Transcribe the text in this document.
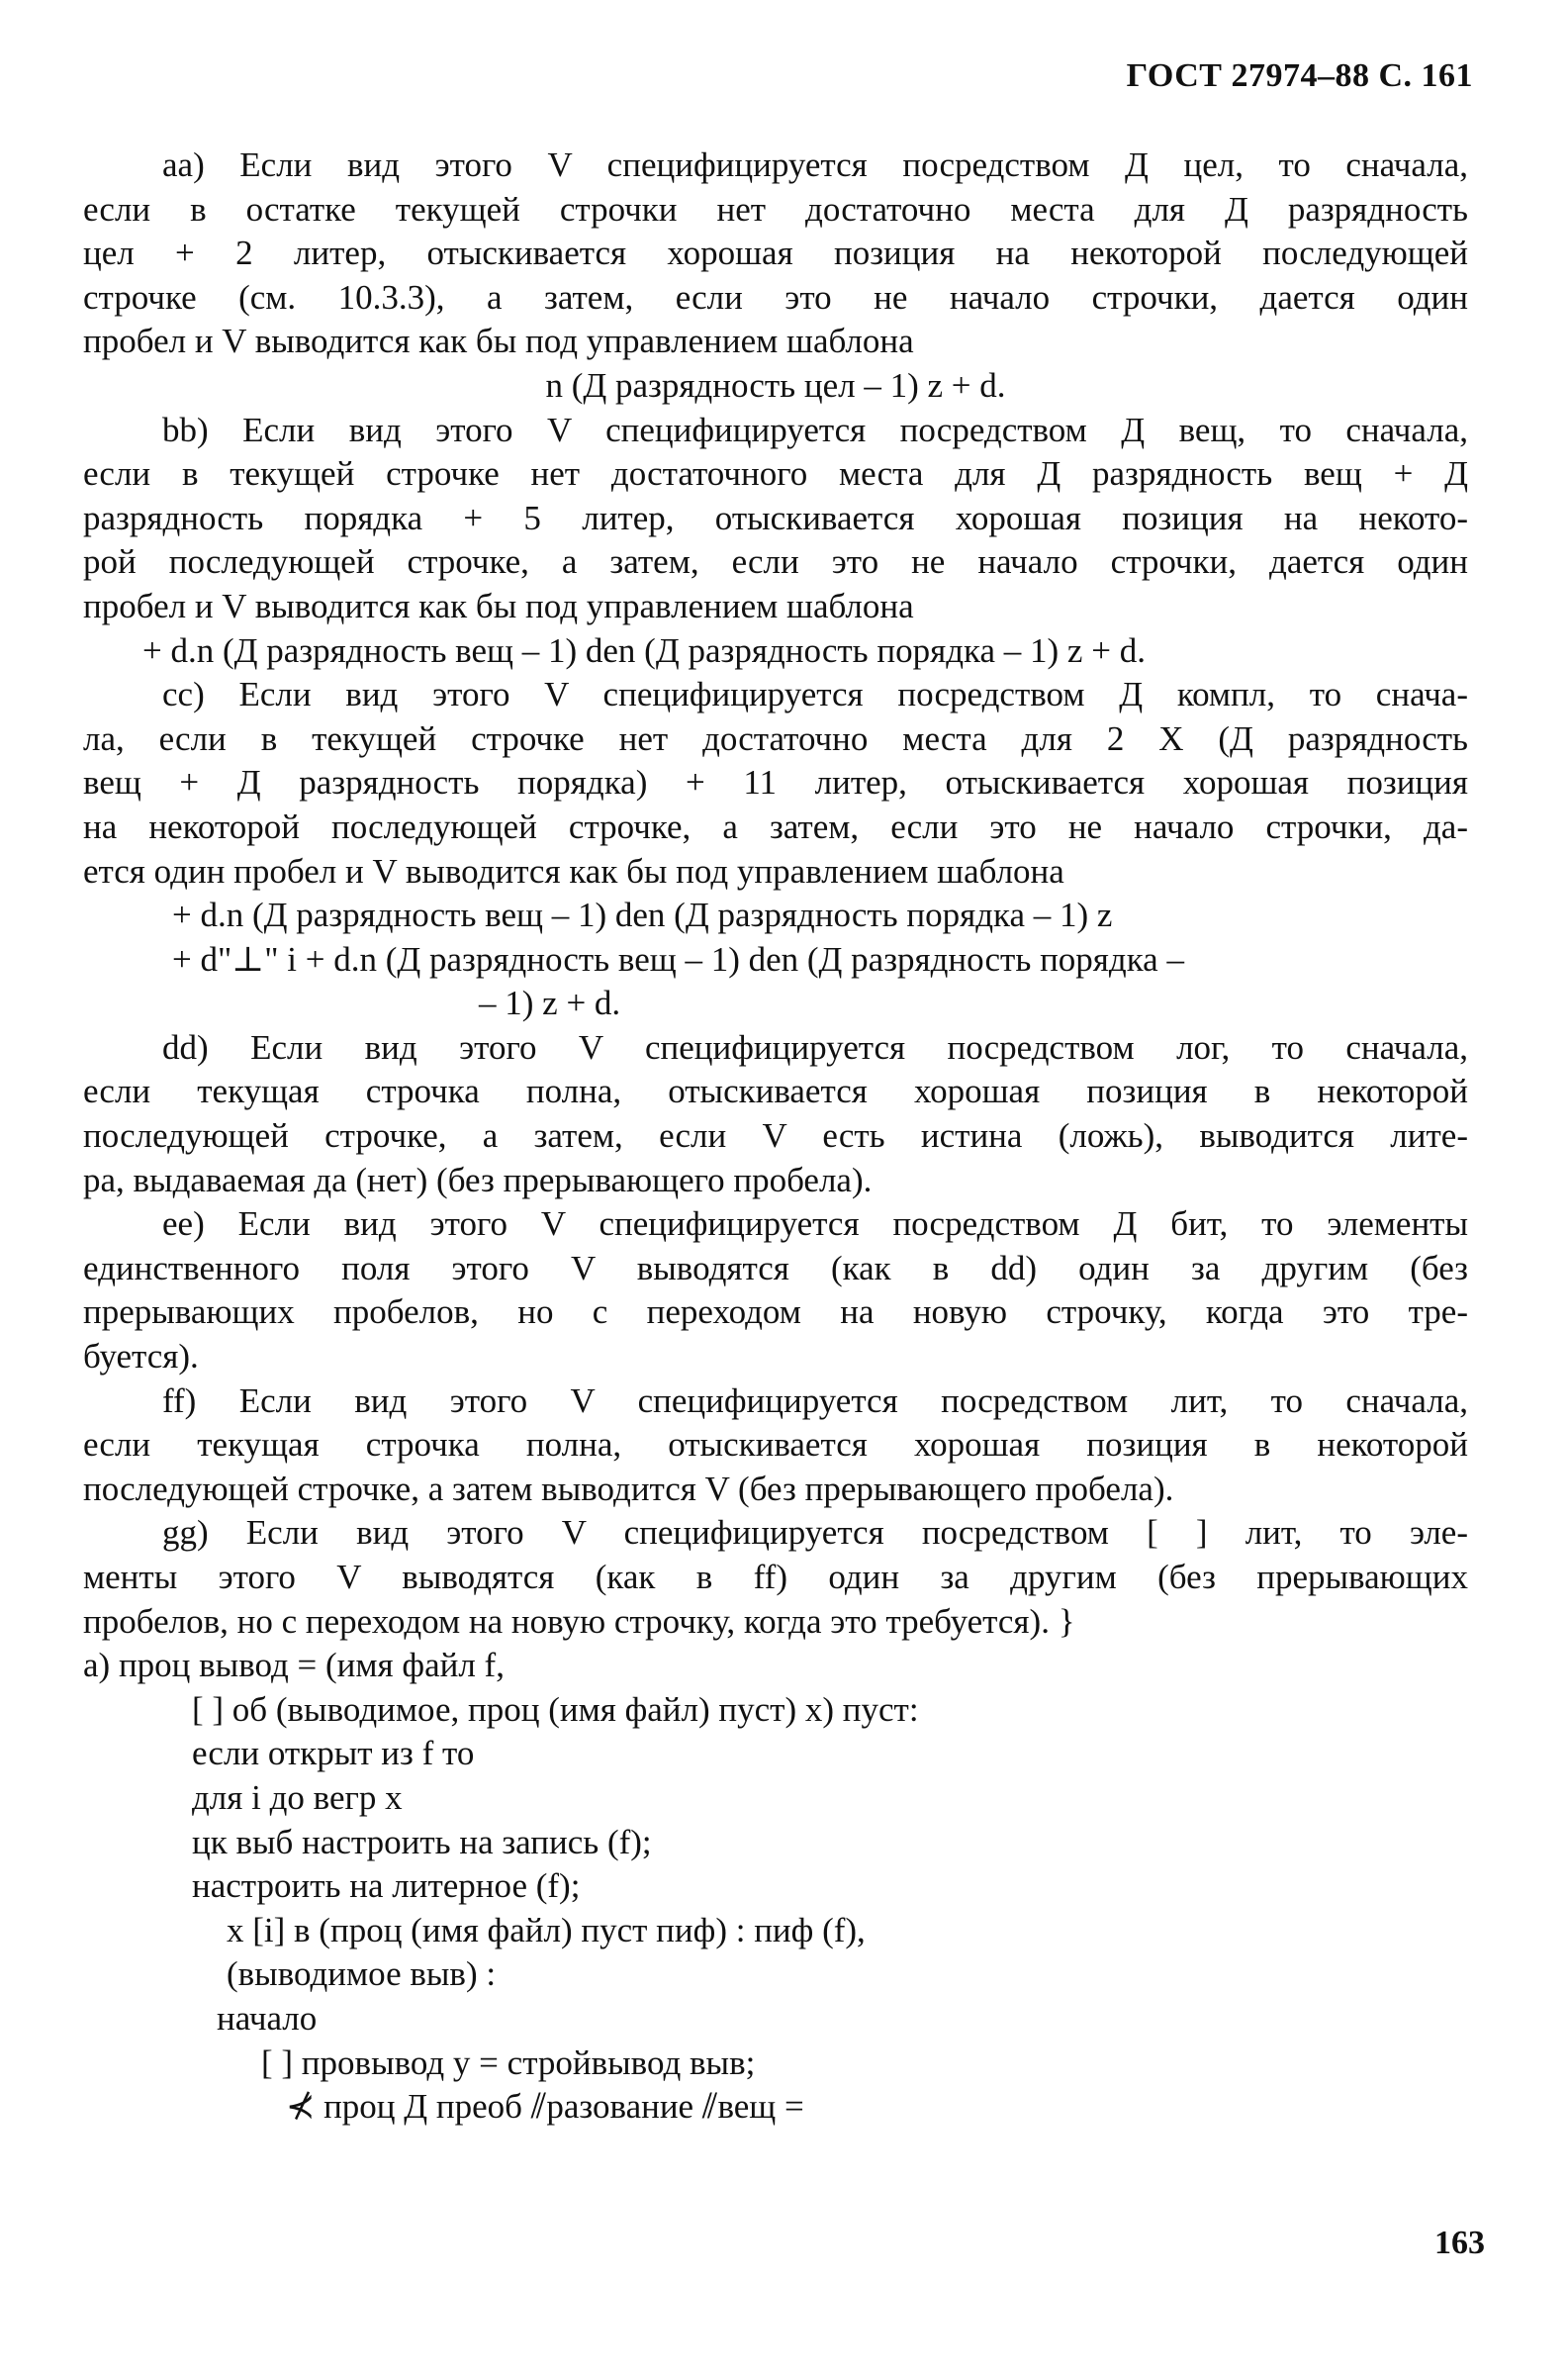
ГОСТ 27974–88 С. 161
aa) Если вид этого V специфицируется посредством Д цел, то сначала,
если в остатке текущей строчки нет достаточно места для Д разрядность
цел + 2 литер, отыскивается хорошая позиция на некоторой последующей
строчке (см. 10.3.3), а затем, если это не начало строчки, дается один
пробел и V выводится как бы под управлением шаблона
n (Д разрядность цел – 1) z + d.
bb) Если вид этого V специфицируется посредством Д вещ, то сначала,
если в текущей строчке нет достаточного места для Д разрядность вещ + Д
разрядность порядка + 5 литер, отыскивается хорошая позиция на некото-
рой последующей строчке, а затем, если это не начало строчки, дается один
пробел и V выводится как бы под управлением шаблона
+ d.n (Д разрядность вещ – 1) den (Д разрядность порядка – 1) z + d.
cc) Если вид этого V специфицируется посредством Д компл, то снача-
ла, если в текущей строчке нет достаточно места для 2 X (Д разрядность
вещ + Д разрядность порядка) + 11 литер, отыскивается хорошая позиция
на некоторой последующей строчке, а затем, если это не начало строчки, да-
ется один пробел и V выводится как бы под управлением шаблона
+ d.n (Д разрядность вещ – 1) den (Д разрядность порядка – 1) z
+ d"⊥" i + d.n (Д разрядность вещ – 1) den (Д разрядность порядка –
– 1) z + d.
dd) Если вид этого V специфицируется посредством лог, то сначала,
если текущая строчка полна, отыскивается хорошая позиция в некоторой
последующей строчке, а затем, если V есть истина (ложь), выводится лите-
ра, выдаваемая да (нет) (без прерывающего пробела).
ee) Если вид этого V специфицируется посредством Д бит, то элементы
единственного поля этого V выводятся (как в dd) один за другим (без
прерывающих пробелов, но с переходом на новую строчку, когда это тре-
буется).
ff) Если вид этого V специфицируется посредством лит, то сначала,
если текущая строчка полна, отыскивается хорошая позиция в некоторой
последующей строчке, а затем выводится V (без прерывающего пробела).
gg) Если вид этого V специфицируется посредством [ ] лит, то эле-
менты этого V выводятся (как в ff) один за другим (без прерывающих
пробелов, но с переходом на новую строчку, когда это требуется). }
a) проц вывод = (имя файл f,
[ ] об (выводимое, проц (имя файл) пуст) x) пуст:
если открыт из f то
для i до вегр x
цк выб настроить на запись (f);
настроить на литерное (f);
x [i] в (проц (имя файл) пуст пиф) : пиф (f),
(выводимое выв) :
начало
[ ] провывод y = стройвывод выв;
⊀ проц Д преоб ⫽разование ⫽вещ =
163
